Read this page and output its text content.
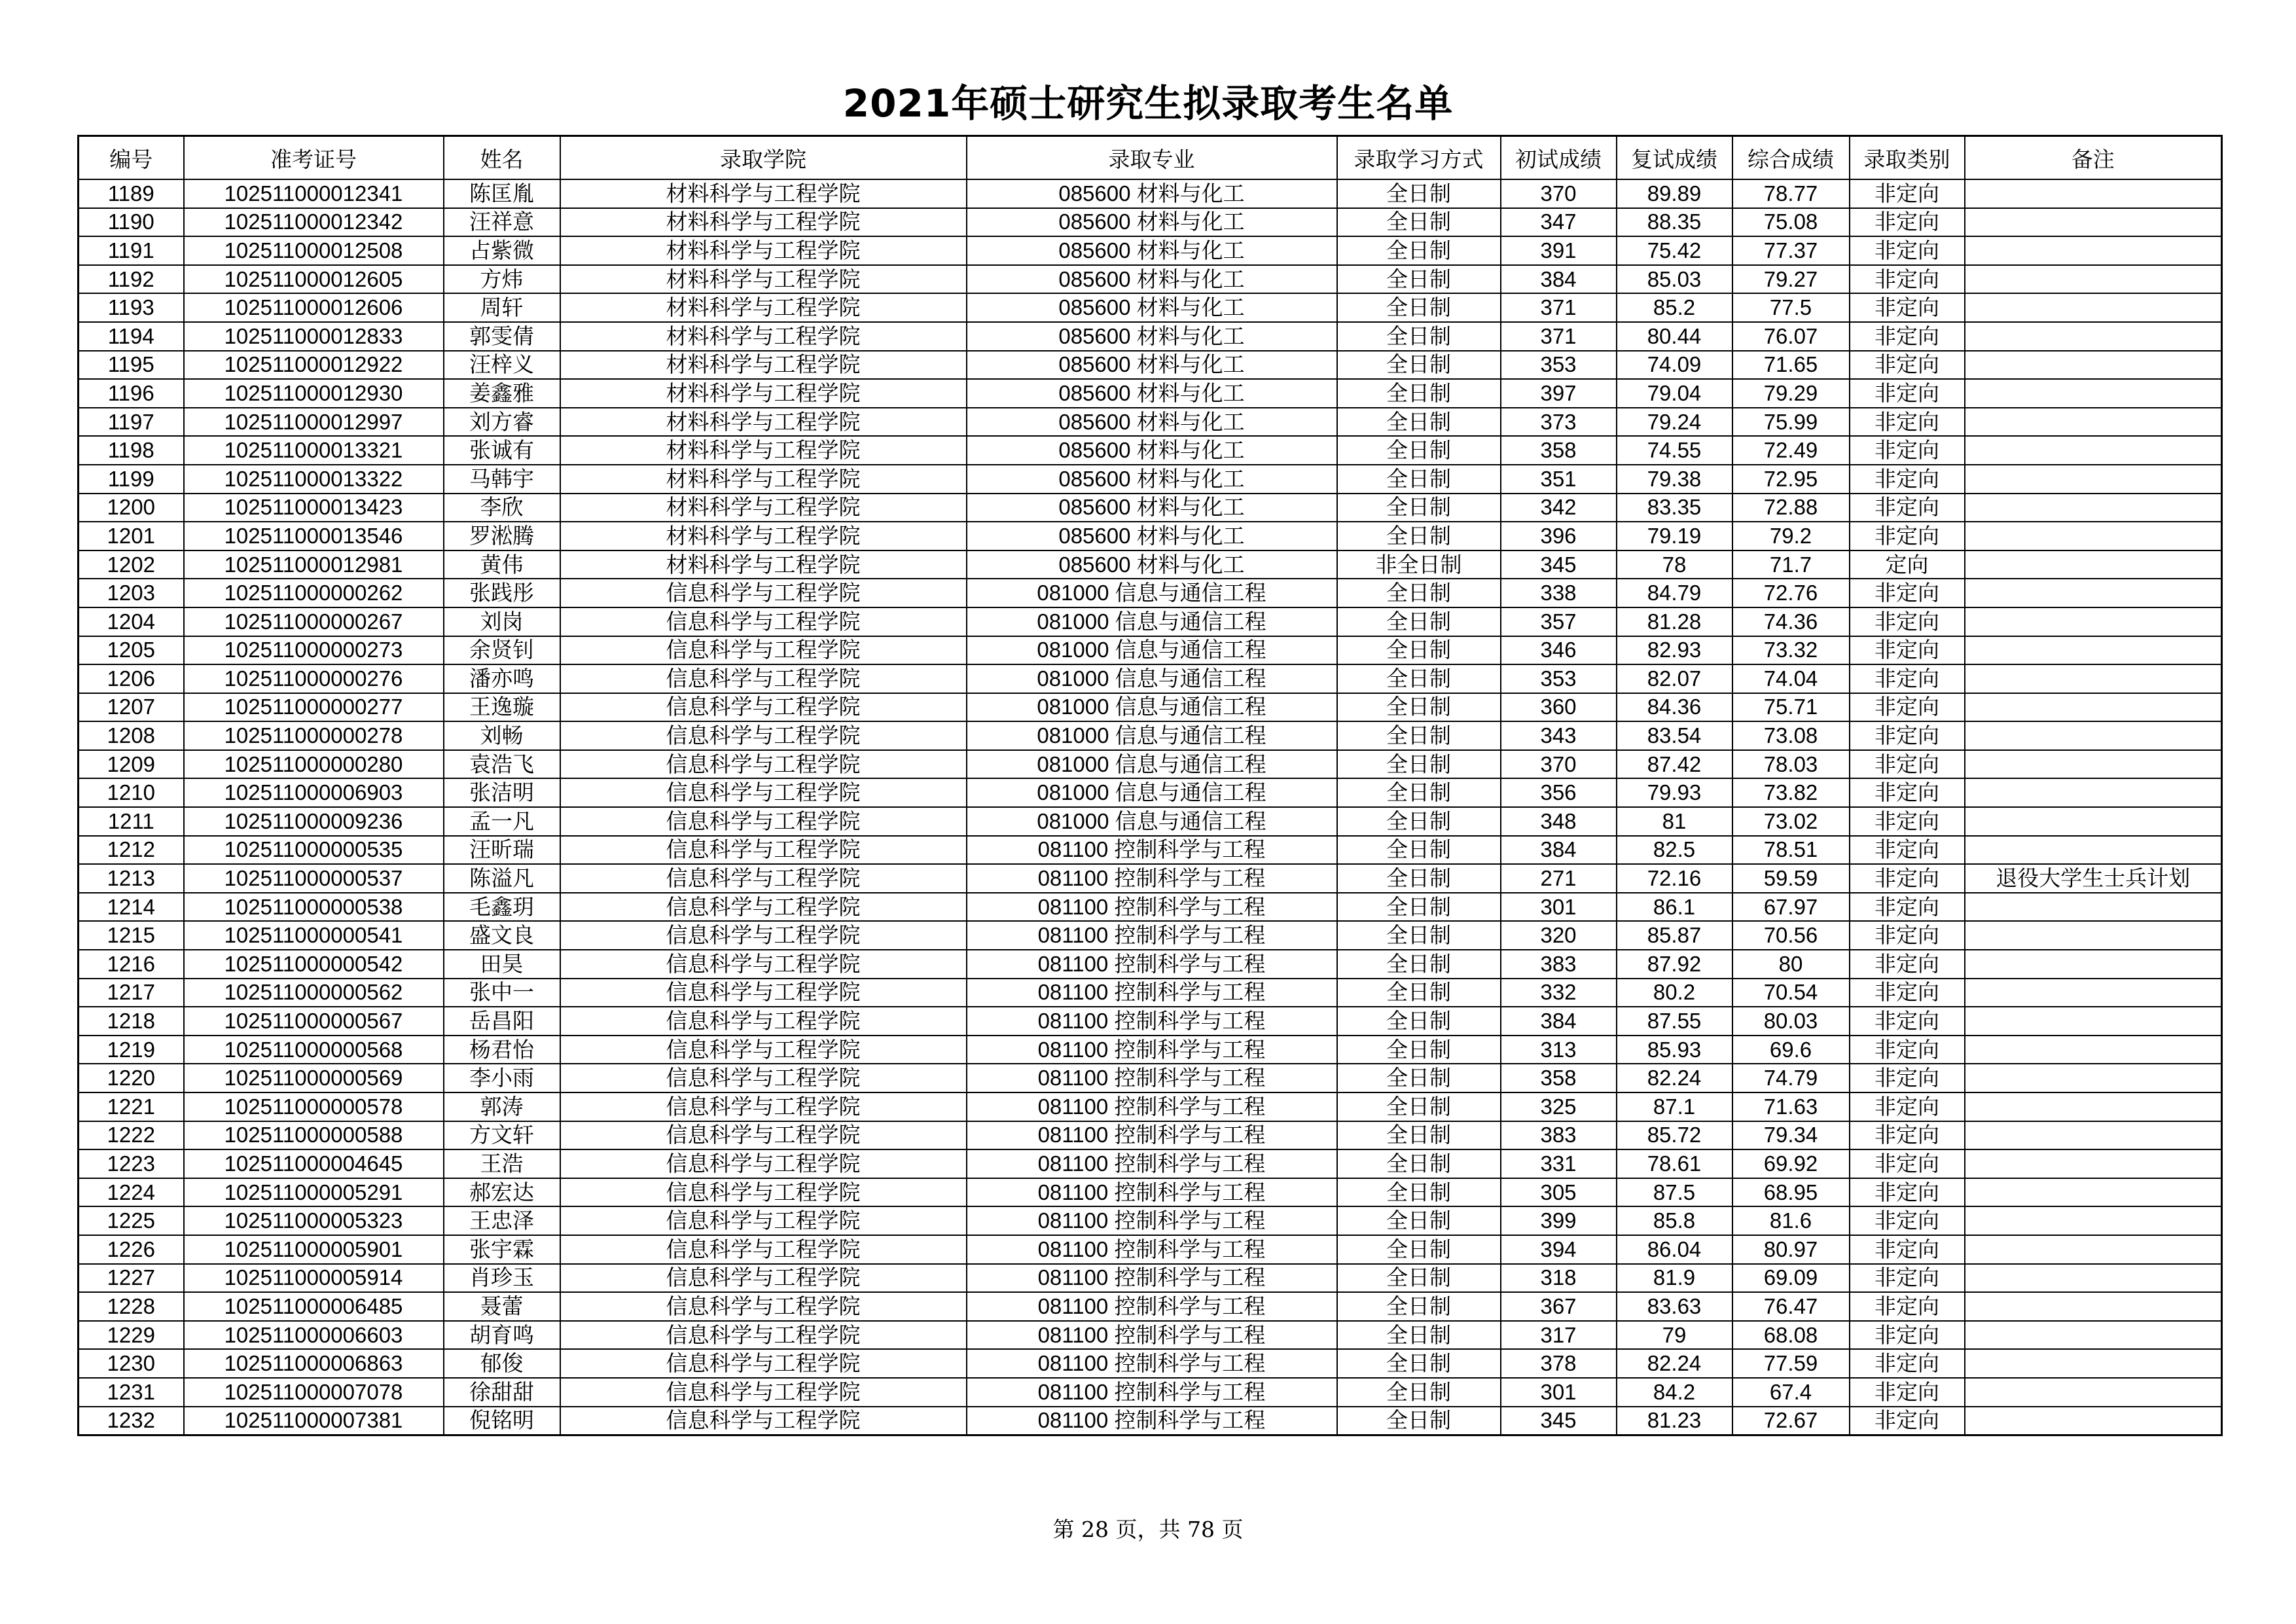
2021年硕士研究生拟录取考生名单
编号	准考证号	姓名	录取学院	录取专业	录取学习方式	初试成绩	复试成绩	综合成绩	录取类别	备注
1189	102511000012341	陈匡胤	材料科学与工程学院	085600 材料与化工	全日制	370	89.89	78.77	非定向	
1190	102511000012342	汪祥意	材料科学与工程学院	085600 材料与化工	全日制	347	88.35	75.08	非定向	
1191	102511000012508	占紫微	材料科学与工程学院	085600 材料与化工	全日制	391	75.42	77.37	非定向	
1192	102511000012605	方炜	材料科学与工程学院	085600 材料与化工	全日制	384	85.03	79.27	非定向	
1193	102511000012606	周轩	材料科学与工程学院	085600 材料与化工	全日制	371	85.2	77.5	非定向	
1194	102511000012833	郭雯倩	材料科学与工程学院	085600 材料与化工	全日制	371	80.44	76.07	非定向	
1195	102511000012922	汪梓义	材料科学与工程学院	085600 材料与化工	全日制	353	74.09	71.65	非定向	
1196	102511000012930	姜鑫雅	材料科学与工程学院	085600 材料与化工	全日制	397	79.04	79.29	非定向	
1197	102511000012997	刘方睿	材料科学与工程学院	085600 材料与化工	全日制	373	79.24	75.99	非定向	
1198	102511000013321	张诚有	材料科学与工程学院	085600 材料与化工	全日制	358	74.55	72.49	非定向	
1199	102511000013322	马韩宇	材料科学与工程学院	085600 材料与化工	全日制	351	79.38	72.95	非定向	
1200	102511000013423	李欣	材料科学与工程学院	085600 材料与化工	全日制	342	83.35	72.88	非定向	
1201	102511000013546	罗淞腾	材料科学与工程学院	085600 材料与化工	全日制	396	79.19	79.2	非定向	
1202	102511000012981	黄伟	材料科学与工程学院	085600 材料与化工	非全日制	345	78	71.7	定向	
1203	102511000000262	张践彤	信息科学与工程学院	081000 信息与通信工程	全日制	338	84.79	72.76	非定向	
1204	102511000000267	刘岗	信息科学与工程学院	081000 信息与通信工程	全日制	357	81.28	74.36	非定向	
1205	102511000000273	余贤钊	信息科学与工程学院	081000 信息与通信工程	全日制	346	82.93	73.32	非定向	
1206	102511000000276	潘亦鸣	信息科学与工程学院	081000 信息与通信工程	全日制	353	82.07	74.04	非定向	
1207	102511000000277	王逸璇	信息科学与工程学院	081000 信息与通信工程	全日制	360	84.36	75.71	非定向	
1208	102511000000278	刘畅	信息科学与工程学院	081000 信息与通信工程	全日制	343	83.54	73.08	非定向	
1209	102511000000280	袁浩飞	信息科学与工程学院	081000 信息与通信工程	全日制	370	87.42	78.03	非定向	
1210	102511000006903	张洁明	信息科学与工程学院	081000 信息与通信工程	全日制	356	79.93	73.82	非定向	
1211	102511000009236	孟一凡	信息科学与工程学院	081000 信息与通信工程	全日制	348	81	73.02	非定向	
1212	102511000000535	汪昕瑞	信息科学与工程学院	081100 控制科学与工程	全日制	384	82.5	78.51	非定向	
1213	102511000000537	陈溢凡	信息科学与工程学院	081100 控制科学与工程	全日制	271	72.16	59.59	非定向	退役大学生士兵计划
1214	102511000000538	毛鑫玥	信息科学与工程学院	081100 控制科学与工程	全日制	301	86.1	67.97	非定向	
1215	102511000000541	盛文良	信息科学与工程学院	081100 控制科学与工程	全日制	320	85.87	70.56	非定向	
1216	102511000000542	田昊	信息科学与工程学院	081100 控制科学与工程	全日制	383	87.92	80	非定向	
1217	102511000000562	张中一	信息科学与工程学院	081100 控制科学与工程	全日制	332	80.2	70.54	非定向	
1218	102511000000567	岳昌阳	信息科学与工程学院	081100 控制科学与工程	全日制	384	87.55	80.03	非定向	
1219	102511000000568	杨君怡	信息科学与工程学院	081100 控制科学与工程	全日制	313	85.93	69.6	非定向	
1220	102511000000569	李小雨	信息科学与工程学院	081100 控制科学与工程	全日制	358	82.24	74.79	非定向	
1221	102511000000578	郭涛	信息科学与工程学院	081100 控制科学与工程	全日制	325	87.1	71.63	非定向	
1222	102511000000588	方文轩	信息科学与工程学院	081100 控制科学与工程	全日制	383	85.72	79.34	非定向	
1223	102511000004645	王浩	信息科学与工程学院	081100 控制科学与工程	全日制	331	78.61	69.92	非定向	
1224	102511000005291	郝宏达	信息科学与工程学院	081100 控制科学与工程	全日制	305	87.5	68.95	非定向	
1225	102511000005323	王忠泽	信息科学与工程学院	081100 控制科学与工程	全日制	399	85.8	81.6	非定向	
1226	102511000005901	张宇霖	信息科学与工程学院	081100 控制科学与工程	全日制	394	86.04	80.97	非定向	
1227	102511000005914	肖珍玉	信息科学与工程学院	081100 控制科学与工程	全日制	318	81.9	69.09	非定向	
1228	102511000006485	聂蕾	信息科学与工程学院	081100 控制科学与工程	全日制	367	83.63	76.47	非定向	
1229	102511000006603	胡育鸣	信息科学与工程学院	081100 控制科学与工程	全日制	317	79	68.08	非定向	
1230	102511000006863	郁俊	信息科学与工程学院	081100 控制科学与工程	全日制	378	82.24	77.59	非定向	
1231	102511000007078	徐甜甜	信息科学与工程学院	081100 控制科学与工程	全日制	301	84.2	67.4	非定向	
1232	102511000007381	倪铭明	信息科学与工程学院	081100 控制科学与工程	全日制	345	81.23	72.67	非定向	
第 28 页，共 78 页
